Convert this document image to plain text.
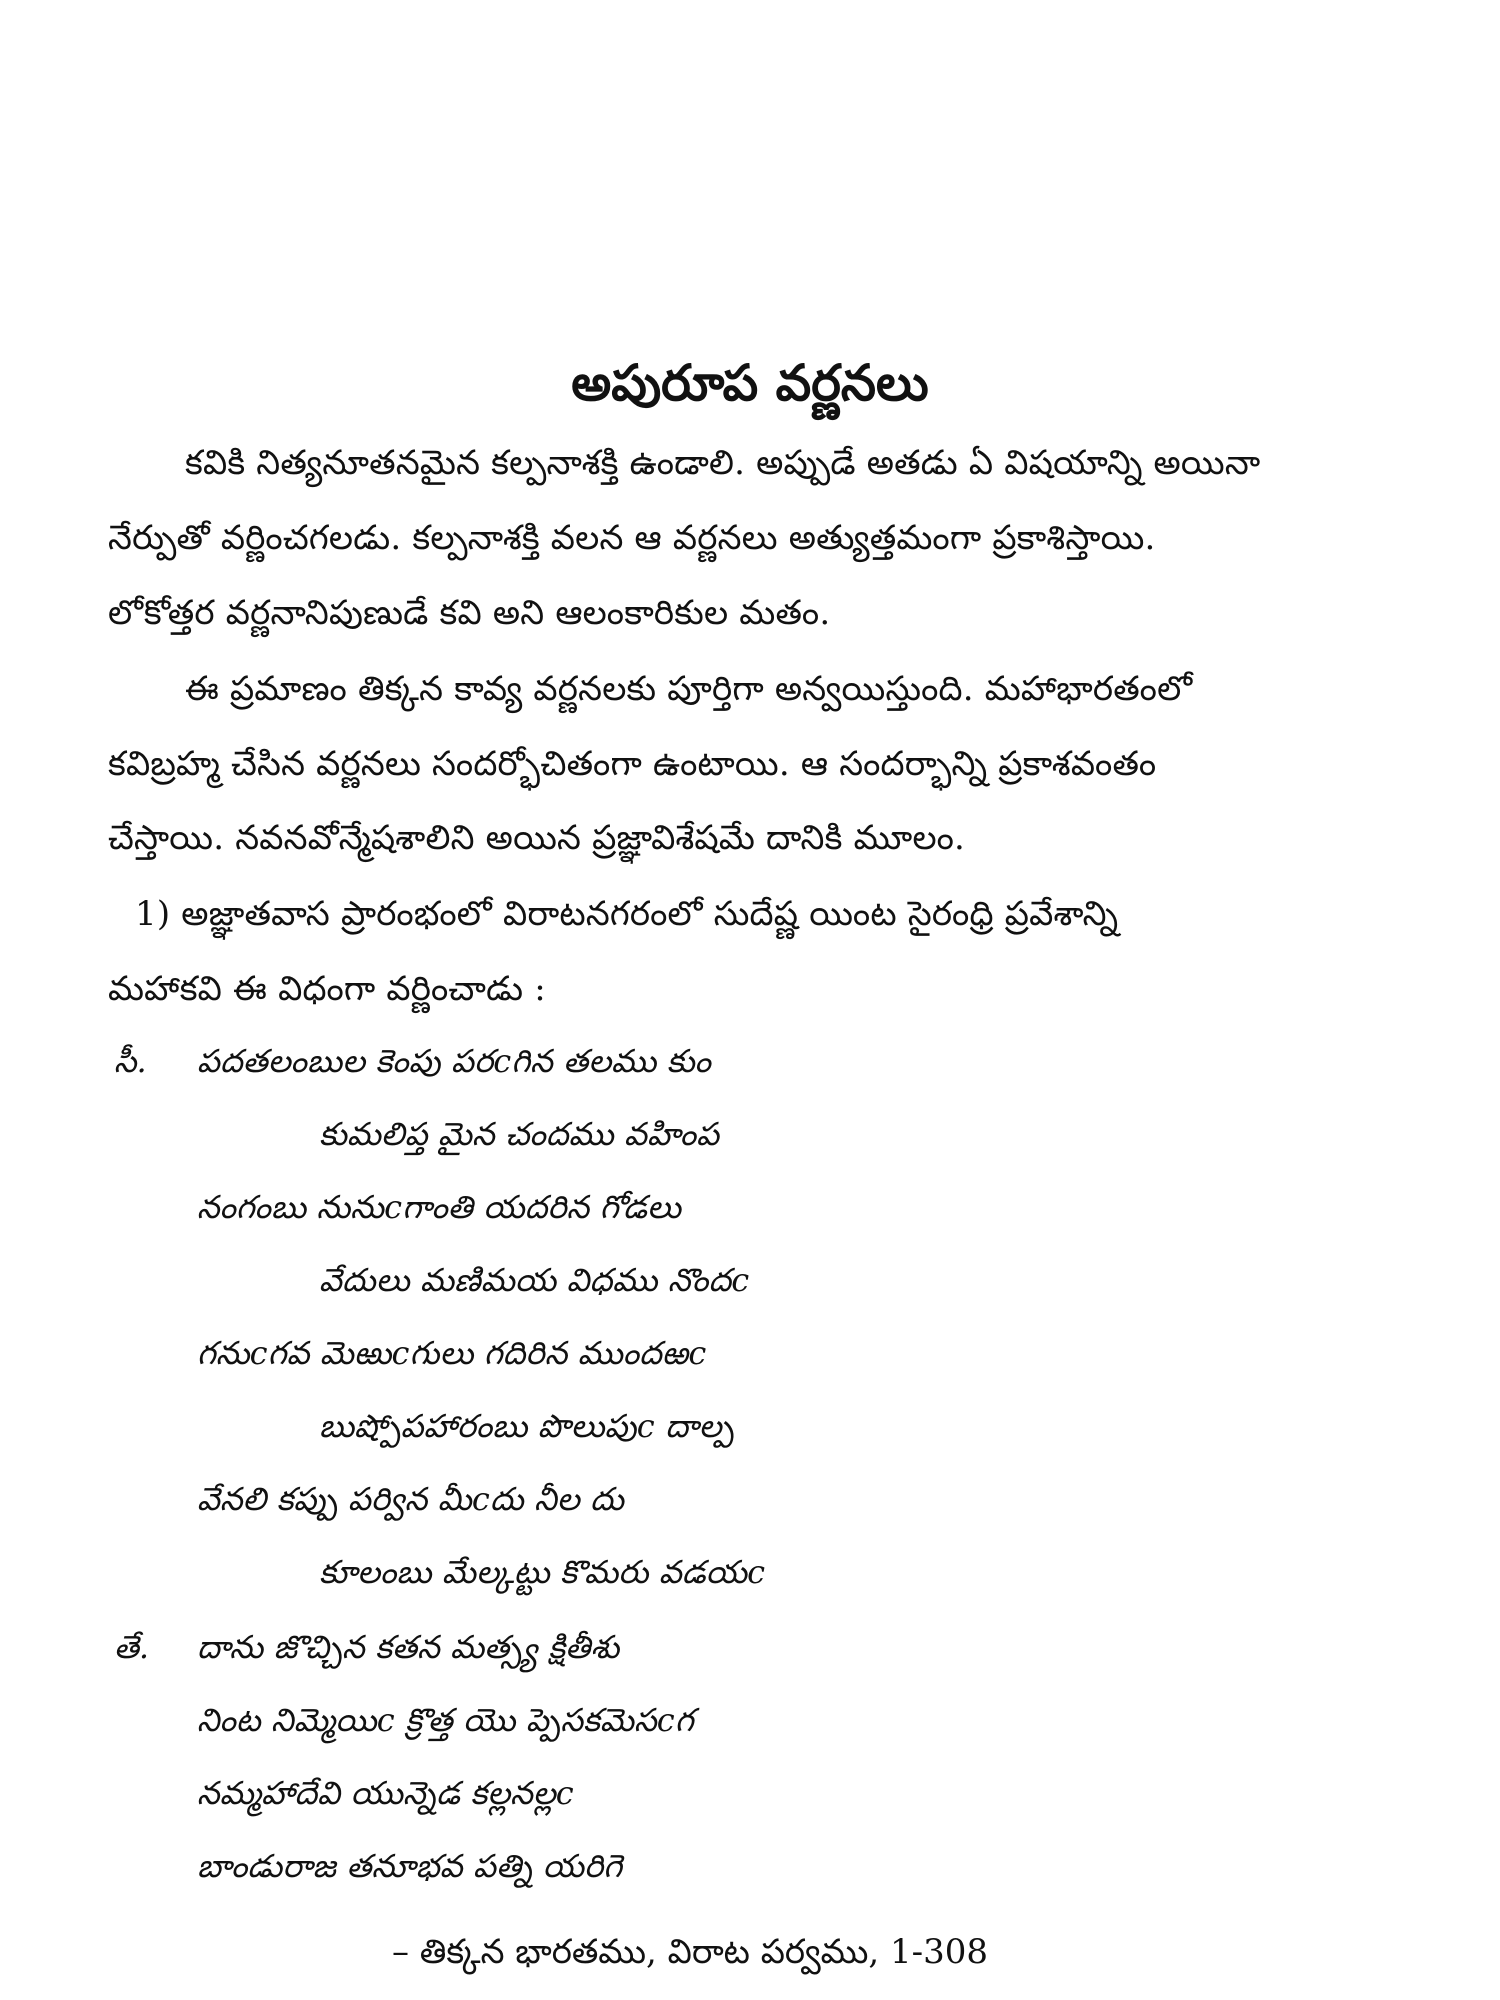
అపురూప వర్ణనలు
కవికి నిత్యనూతనమైన కల్పనాశక్తి ఉండాలి. అప్పుడే అతడు ఏ విషయాన్ని అయినా
నేర్పుతో వర్ణించగలడు. కల్పనాశక్తి వలన ఆ వర్ణనలు అత్యుత్తమంగా ప్రకాశిస్తాయి.
లోకోత్తర వర్ణనానిపుణుడే కవి అని ఆలంకారికుల మతం.
ఈ ప్రమాణం తిక్కన కావ్య వర్ణనలకు పూర్తిగా అన్వయిస్తుంది. మహాభారతంలో
కవిబ్రహ్మ చేసిన వర్ణనలు సందర్భోచితంగా ఉంటాయి. ఆ సందర్భాన్ని ప్రకాశవంతం
చేస్తాయి. నవనవోన్మేషశాలిని అయిన ప్రజ్ఞావిశేషమే దానికి మూలం.
1) అజ్ఞాతవాస ప్రారంభంలో విరాటనగరంలో సుదేష్ణ యింట సైరంధ్రి ప్రవేశాన్ని
మహాకవి ఈ విధంగా వర్ణించాడు :
సీ. పదతలంబుల కెంపు పరcగిన తలము కుం
కుమలిప్త మైన చందము వహింప
నంగంబు నునుcగాంతి యదరిన గోడలు
వేదులు మణిమయ విధము నొందc
గనుcగవ మెఱుcగులు గదిరిన ముందఱc
బుష్పోపహారంబు పొలుపుc దాల్ప
వేనలి కప్పు పర్విన మీcదు నీల దు
కూలంబు మేల్కట్టు కొమరు వడయc
తే. దాను జొచ్చిన కతన మత్స్య క్షితీశు
నింట నిమ్మెయిc క్రొత్త యొ ప్పెసకమెసcగ
నమ్మహాదేవి యున్నెడ కల్లనల్లc
బాండురాజ తనూభవ పత్ని యరిగె
– తిక్కన భారతము, విరాట పర్వము, 1-308
